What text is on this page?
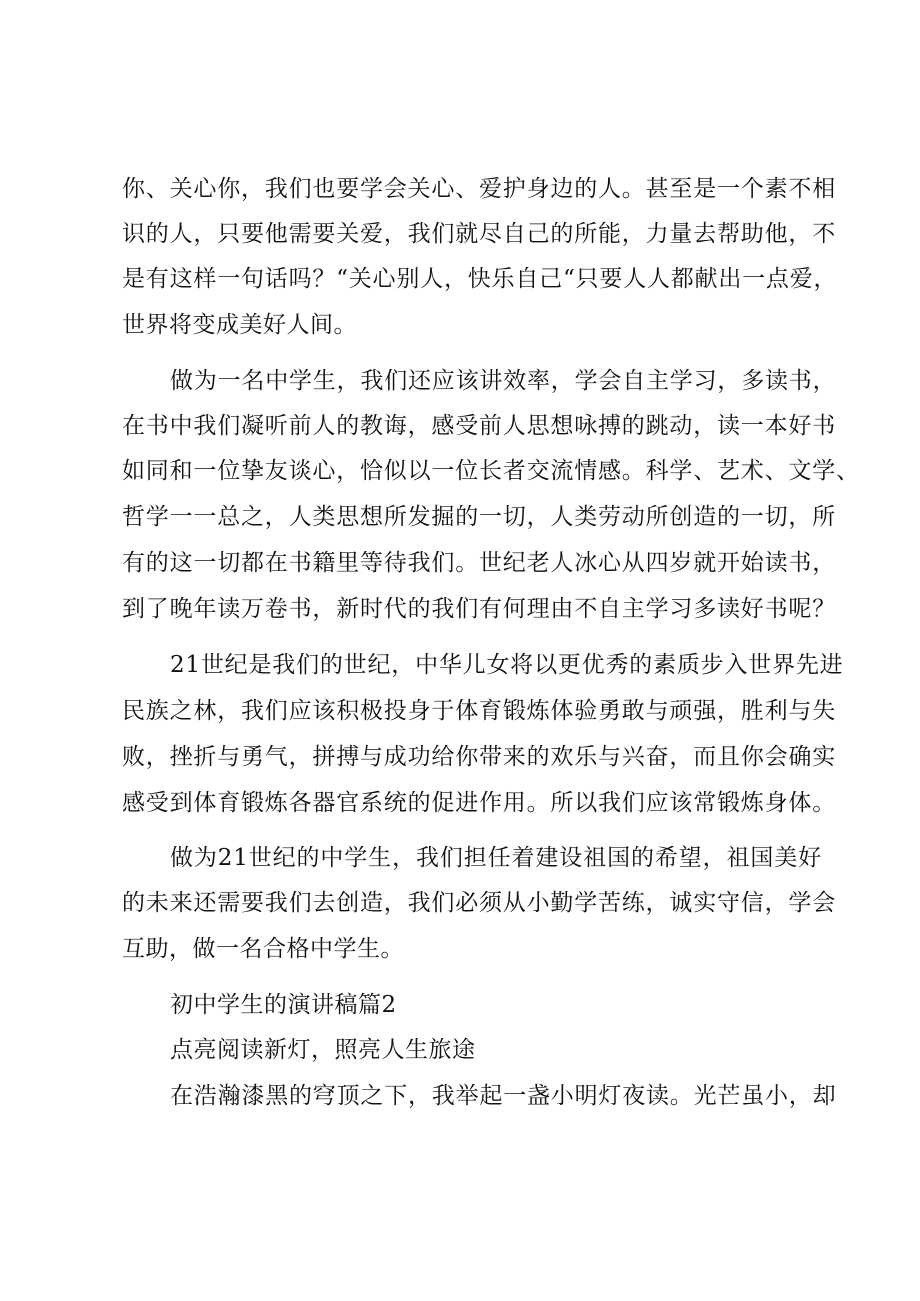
你、关心你，我们也要学会关心、爱护身边的人。甚至是一个素不相
识的人，只要他需要关爱，我们就尽自己的所能，力量去帮助他，不
是有这样一句话吗？“关心别人，快乐自己“只要人人都献出一点爱，
世界将变成美好人间。
做为一名中学生，我们还应该讲效率，学会自主学习，多读书，
在书中我们凝听前人的教诲，感受前人思想咏搏的跳动，读一本好书
如同和一位挚友谈心，恰似以一位长者交流情感。科学、艺术、文学、
哲学一一总之，人类思想所发掘的一切，人类劳动所创造的一切，所
有的这一切都在书籍里等待我们。世纪老人冰心从四岁就开始读书，
到了晚年读万卷书，新时代的我们有何理由不自主学习多读好书呢？
21世纪是我们的世纪，中华儿女将以更优秀的素质步入世界先进
民族之林，我们应该积极投身于体育锻炼体验勇敢与顽强，胜利与失
败，挫折与勇气，拼搏与成功给你带来的欢乐与兴奋，而且你会确实
感受到体育锻炼各器官系统的促进作用。所以我们应该常锻炼身体。
做为21世纪的中学生，我们担任着建设祖国的希望，祖国美好
的未来还需要我们去创造，我们必须从小勤学苦练，诚实守信，学会
互助，做一名合格中学生。
初中学生的演讲稿篇2
点亮阅读新灯，照亮人生旅途
在浩瀚漆黑的穹顶之下，我举起一盏小明灯夜读。光芒虽小，却
